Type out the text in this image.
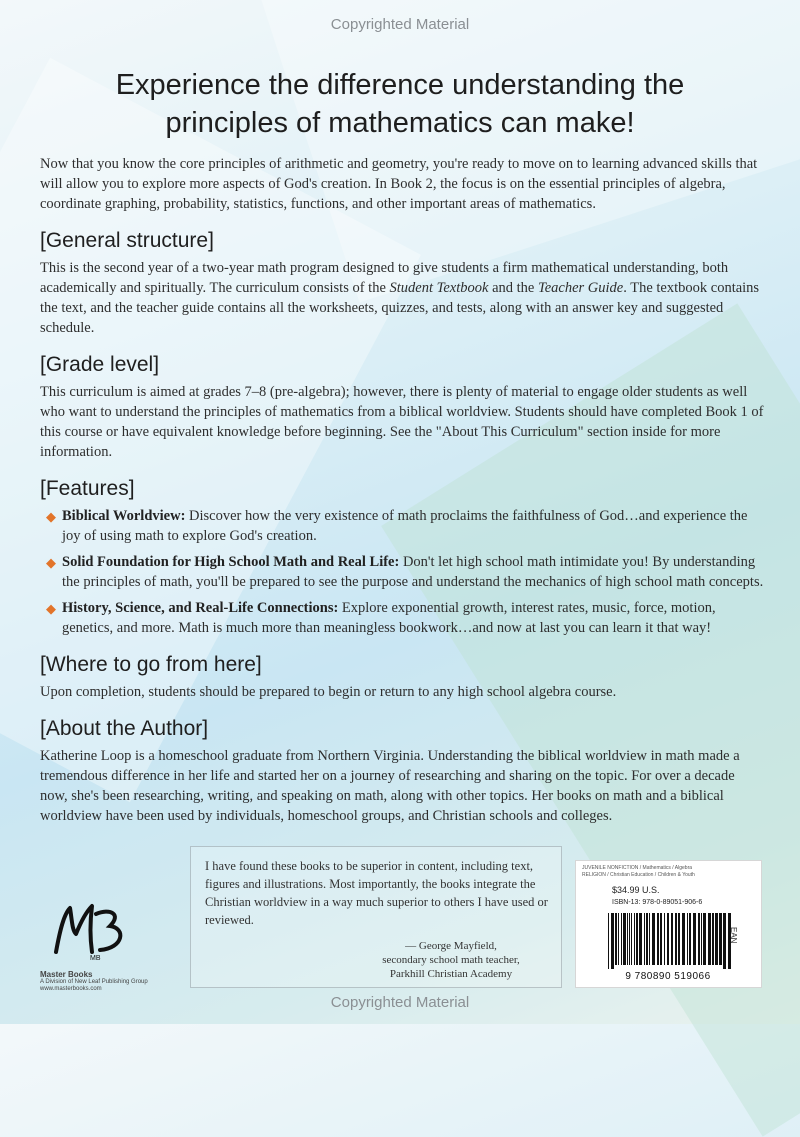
Copyrighted Material
Experience the difference understanding the
principles of mathematics can make!

Now that you know the core principles of arithmetic and geometry, you're ready to move on to learning advanced skills that will allow you to explore more aspects of God's creation. In Book 2, the focus is on the essential principles of algebra, coordinate graphing, probability, statistics, functions, and other important areas of mathematics.

[General structure]

This is the second year of a two-year math program designed to give students a firm mathematical understanding, both academically and spiritually. The curriculum consists of the Student Textbook and the Teacher Guide. The textbook contains the text, and the teacher guide contains all the worksheets, quizzes, and tests, along with an answer key and suggested schedule.

[Grade level]

This curriculum is aimed at grades 7–8 (pre-algebra); however, there is plenty of material to engage older students as well who want to understand the principles of mathematics from a biblical worldview. Students should have completed Book 1 of this course or have equivalent knowledge before beginning. See the "About This Curriculum" section inside for more information.

[Features]
◆ Biblical Worldview: Discover how the very existence of math proclaims the faithfulness of God…and experience the joy of using math to explore God's creation.
◆ Solid Foundation for High School Math and Real Life: Don't let high school math intimidate you! By understanding the principles of math, you'll be prepared to see the purpose and understand the mechanics of high school math concepts.
◆ History, Science, and Real-Life Connections: Explore exponential growth, interest rates, music, force, motion, genetics, and more. Math is much more than meaningless bookwork…and now at last you can learn it that way!
[Where to go from here]

Upon completion, students should be prepared to begin or return to any high school algebra course.

[About the Author]

Katherine Loop is a homeschool graduate from Northern Virginia. Understanding the biblical worldview in math made a tremendous difference in her life and started her on a journey of researching and sharing on the topic. For over a decade now, she's been researching, writing, and speaking on math, along with other topics. Her books on math and a biblical worldview have been used by individuals, homeschool groups, and Christian schools and colleges.

MB
Master Books
A Division of New Leaf Publishing Group
www.masterbooks.com
I have found these books to be superior in content, including text, figures and illustrations. Most importantly, the books integrate the Christian worldview in a way much superior to others I have used or reviewed.
— George Mayfield,
secondary school math teacher,
Parkhill Christian Academy
JUVENILE NONFICTION / Mathematics / Algebra
RELIGION / Christian Education / Children & Youth
$34.99 U.S.
ISBN-13: 978-0-89051-906-6
9 780890 519066
EAN
Copyrighted Material
